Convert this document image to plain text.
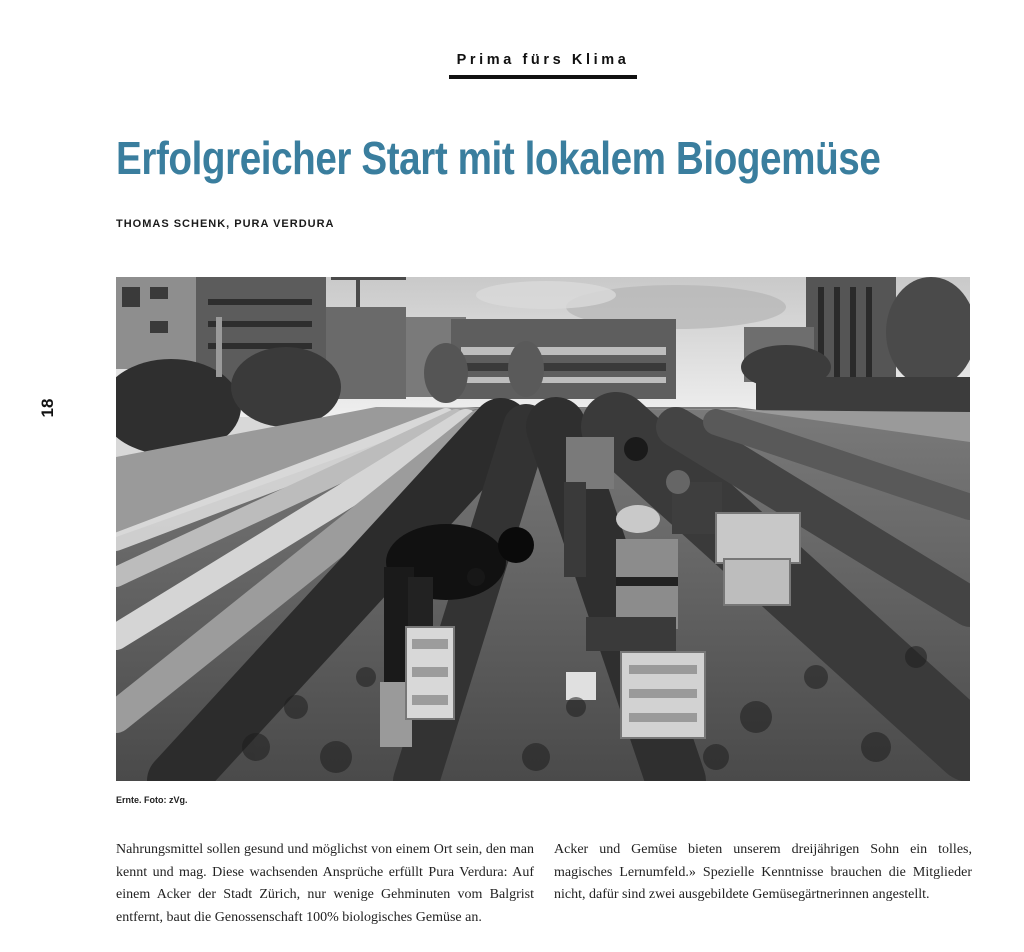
Prima fürs Klima
Erfolgreicher Start mit lokalem Biogemüse
THOMAS SCHENK, PURA VERDURA
18
Ernte. Foto: zVg.

Nahrungsmittel sollen gesund und möglichst von einem Ort sein, den man kennt und mag. Diese wachsenden Ansprüche erfüllt Pura Verdura: Auf einem Acker der Stadt Zürich, nur wenige Gehminuten vom Balgrist entfernt, baut die Genossenschaft 100% biologisches Gemüse an.

Acker und Gemüse bieten unserem dreijährigen Sohn ein tolles, magisches Lernumfeld.» Spezielle Kenntnisse brauchen die Mitglieder nicht, dafür sind zwei ausgebildete Gemüsegärtnerinnen angestellt.
